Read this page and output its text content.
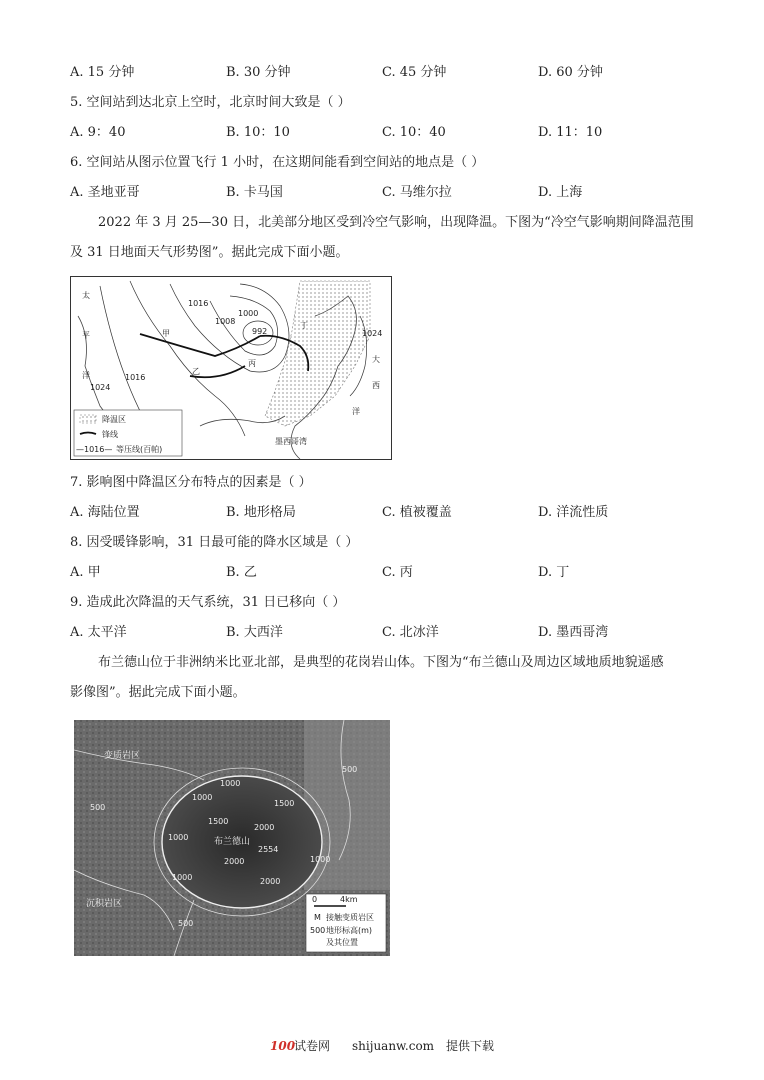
A. 15 分钟	B. 30 分钟	C. 45 分钟	D. 60 分钟
5. 空间站到达北京上空时，北京时间大致是（ ）
A. 9：40	B. 10：10	C. 10：40	D. 11：10
6. 空间站从图示位置飞行 1 小时，在这期间能看到空间站的地点是（ ）
A. 圣地亚哥	B. 卡马国	C. 马维尔拉	D. 上海
2022 年 3 月 25—30 日，北美部分地区受到冷空气影响，出现降温。下图为“冷空气影响期间降温范围
及 31 日地面天气形势图”。据此完成下面小题。
太
平
洋
大
西
洋
甲
乙
丙
丁
墨西哥湾
1016
1008
1000
992
1024
1016
1024
降温区
锋线
—1016— 等压线(百帕)
7. 影响图中降温区分布特点的因素是（ ）
A. 海陆位置	B. 地形格局	C. 植被覆盖	D. 洋流性质
8. 因受暖锋影响，31 日最可能的降水区域是（ ）
A. 甲	B. 乙	C. 丙	D. 丁
9. 造成此次降温的天气系统，31 日已移向（ ）
A. 太平洋	B. 大西洋	C. 北冰洋	D. 墨西哥湾
布兰德山位于非洲纳米比亚北部，是典型的花岗岩山体。下图为“布兰德山及周边区域地质地貌遥感
影像图”。据此完成下面小题。
变质岩区
沉积岩区
布兰德山
2554
500
1000
1000
1000
1000
1500
1500
2000
2000
2000
1000
500
500
0	4km
M 接触变质岩区
500 地形标高(m)
及其位置
100
试卷网 shijuanw.com 提供下载
